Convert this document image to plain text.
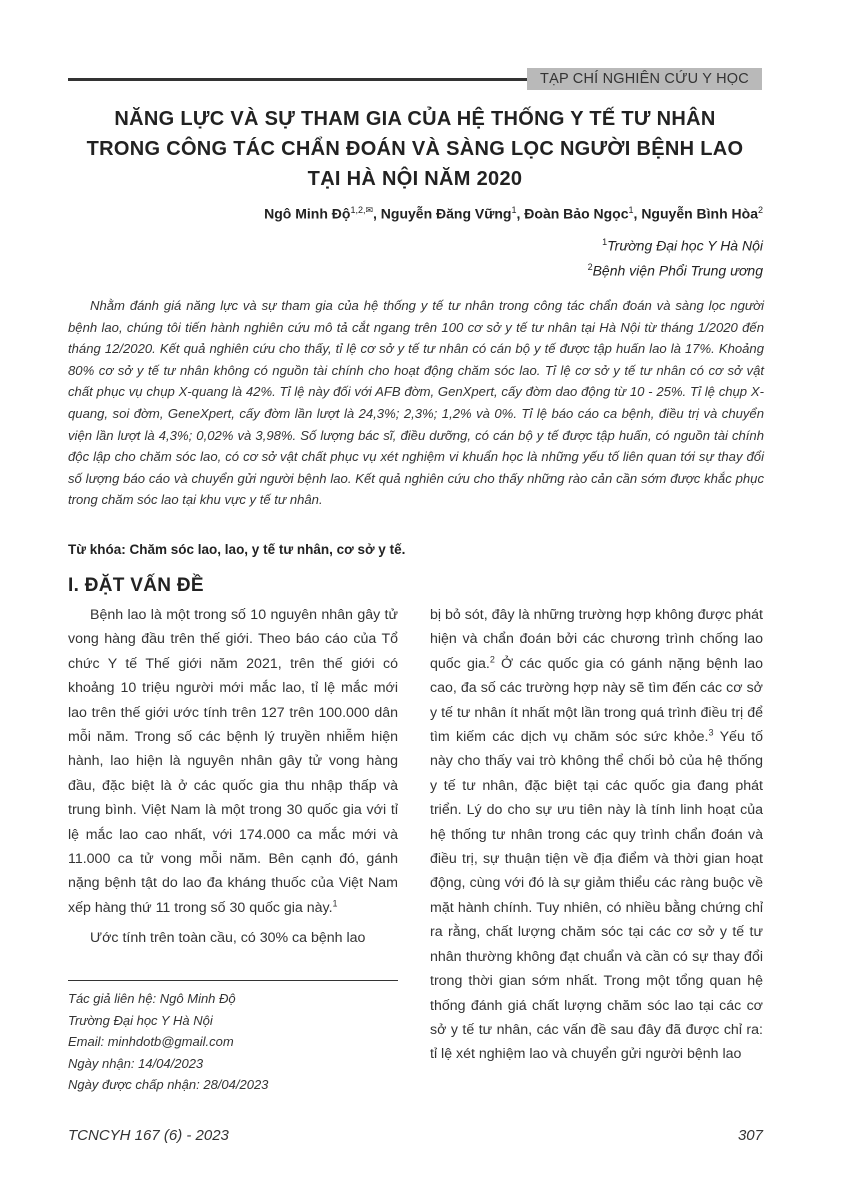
TẠP CHÍ NGHIÊN CỨU Y HỌC
NĂNG LỰC VÀ SỰ THAM GIA CỦA HỆ THỐNG Y TẾ TƯ NHÂN
TRONG CÔNG TÁC CHẨN ĐOÁN VÀ SÀNG LỌC NGƯỜI BỆNH LAO
TẠI HÀ NỘI NĂM 2020
Ngô Minh Độ$^{1,2,✉}$, Nguyễn Đăng Vững$^1$, Đoàn Bảo Ngọc$^1$, Nguyễn Bình Hòa$^2$
$^1$Trường Đại học Y Hà Nội
$^2$Bệnh viện Phổi Trung ương

Nhằm đánh giá năng lực và sự tham gia của hệ thống y tế tư nhân trong công tác chẩn đoán và sàng lọc người bệnh lao, chúng tôi tiến hành nghiên cứu mô tả cắt ngang trên 100 cơ sở y tế tư nhân tại Hà Nội từ tháng 1/2020 đến tháng 12/2020. Kết quả nghiên cứu cho thấy, tỉ lệ cơ sở y tế tư nhân có cán bộ y tế được tập huấn lao là 17%. Khoảng 80% cơ sở y tế tư nhân không có nguồn tài chính cho hoạt động chăm sóc lao. Tỉ lệ cơ sở y tế tư nhân có cơ sở vật chất phục vụ chụp X-quang là 42%. Tỉ lệ này đối với AFB đờm, GenXpert, cấy đờm dao động từ 10 - 25%. Tỉ lệ chụp X-quang, soi đờm, GeneXpert, cấy đờm lần lượt là 24,3%; 2,3%; 1,2% và 0%. Tỉ lệ báo cáo ca bệnh, điều trị và chuyển viện lần lượt là 4,3%; 0,02% và 3,98%. Số lượng bác sĩ, điều dưỡng, có cán bộ y tế được tập huấn, có nguồn tài chính độc lập cho chăm sóc lao, có cơ sở vật chất phục vụ xét nghiệm vi khuẩn học là những yếu tố liên quan tới sự thay đổi số lượng báo cáo và chuyển gửi người bệnh lao. Kết quả nghiên cứu cho thấy những rào cản cần sớm được khắc phục trong chăm sóc lao tại khu vực y tế tư nhân.

Từ khóa: Chăm sóc lao, lao, y tế tư nhân, cơ sở y tế.
I. ĐẶT VẤN ĐỀ

Bệnh lao là một trong số 10 nguyên nhân gây tử vong hàng đầu trên thế giới. Theo báo cáo của Tổ chức Y tế Thế giới năm 2021, trên thế giới có khoảng 10 triệu người mới mắc lao, tỉ lệ mắc mới lao trên thế giới ước tính trên 127 trên 100.000 dân mỗi năm. Trong số các bệnh lý truyền nhiễm hiện hành, lao hiện là nguyên nhân gây tử vong hàng đầu, đặc biệt là ở các quốc gia thu nhập thấp và trung bình. Việt Nam là một trong 30 quốc gia với tỉ lệ mắc lao cao nhất, với 174.000 ca mắc mới và 11.000 ca tử vong mỗi năm. Bên cạnh đó, gánh nặng bệnh tật do lao đa kháng thuốc của Việt Nam xếp hàng thứ 11 trong số 30 quốc gia này.$^1$

Ước tính trên toàn cầu, có 30% ca bệnh lao

Tác giả liên hệ: Ngô Minh Độ
Trường Đại học Y Hà Nội
Email: minhdotb@gmail.com
Ngày nhận: 14/04/2023
Ngày được chấp nhận: 28/04/2023

bị bỏ sót, đây là những trường hợp không được phát hiện và chẩn đoán bởi các chương trình chống lao quốc gia.$^2$ Ở các quốc gia có gánh nặng bệnh lao cao, đa số các trường hợp này sẽ tìm đến các cơ sở y tế tư nhân ít nhất một lần trong quá trình điều trị để tìm kiếm các dịch vụ chăm sóc sức khỏe.$^3$ Yếu tố này cho thấy vai trò không thể chối bỏ của hệ thống y tế tư nhân, đặc biệt tại các quốc gia đang phát triển. Lý do cho sự ưu tiên này là tính linh hoạt của hệ thống tư nhân trong các quy trình chẩn đoán và điều trị, sự thuận tiện về địa điểm và thời gian hoạt động, cùng với đó là sự giảm thiểu các ràng buộc về mặt hành chính. Tuy nhiên, có nhiều bằng chứng chỉ ra rằng, chất lượng chăm sóc tại các cơ sở y tế tư nhân thường không đạt chuẩn và cần có sự thay đổi trong thời gian sớm nhất. Trong một tổng quan hệ thống đánh giá chất lượng chăm sóc lao tại các cơ sở y tế tư nhân, các vấn đề sau đây đã được chỉ ra: tỉ lệ xét nghiệm lao và chuyển gửi người bệnh lao

TCNCYH 167 (6) - 2023	307
